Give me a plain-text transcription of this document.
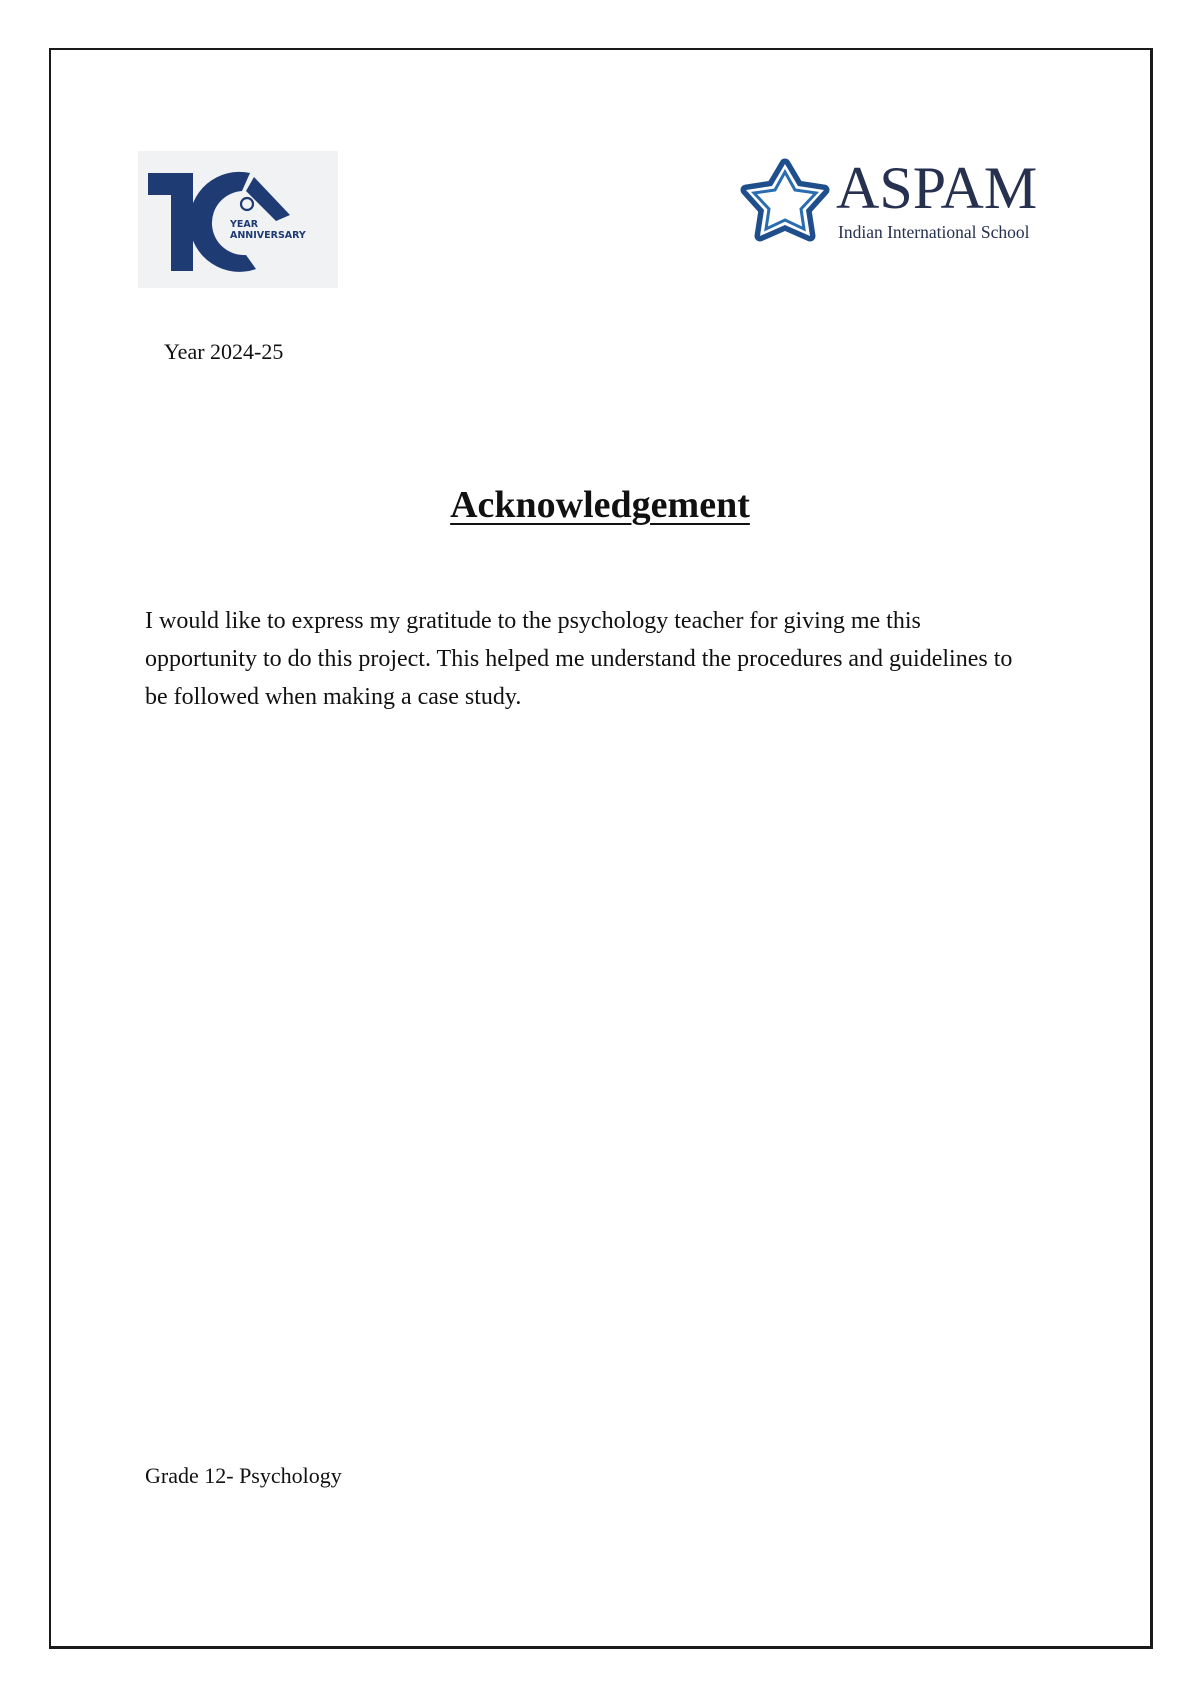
YEAR
ANNIVERSARY
ASPAM
Indian International School
Year 2024-25
Acknowledgement

I would like to express my gratitude to the psychology teacher for giving me this opportunity to do this project. This helped me understand the procedures and guidelines to be followed when making a case study.

Grade 12- Psychology
